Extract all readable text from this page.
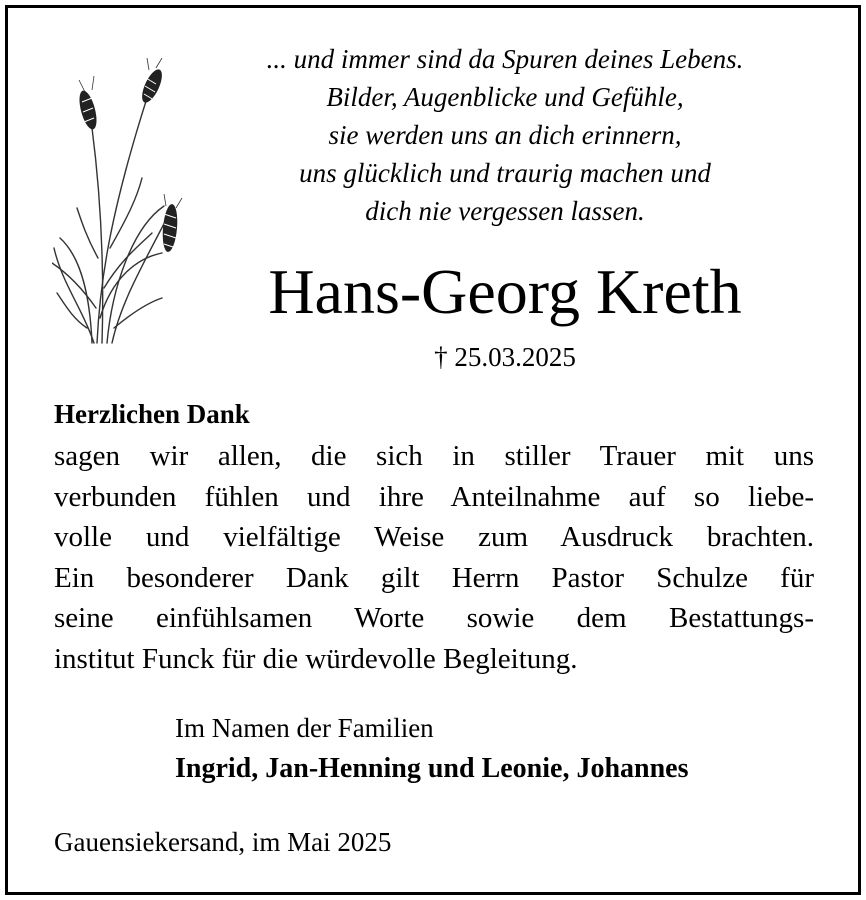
... und immer sind da Spuren deines Lebens.
Bilder, Augenblicke und Gefühle,
sie werden uns an dich erinnern,
uns glücklich und traurig machen und
dich nie vergessen lassen.
Hans-Georg Kreth
† 25.03.2025
Herzlichen Dank
sagen wir allen, die sich in stiller Trauer mit uns
verbunden fühlen und ihre Anteilnahme auf so liebe-
volle und vielfältige Weise zum Ausdruck brachten.
Ein besonderer Dank gilt Herrn Pastor Schulze für
seine einfühlsamen Worte sowie dem Bestattungs-
institut Funck für die würdevolle Begleitung.
Im Namen der Familien
Ingrid, Jan-Henning und Leonie, Johannes
Gauensiekersand, im Mai 2025
